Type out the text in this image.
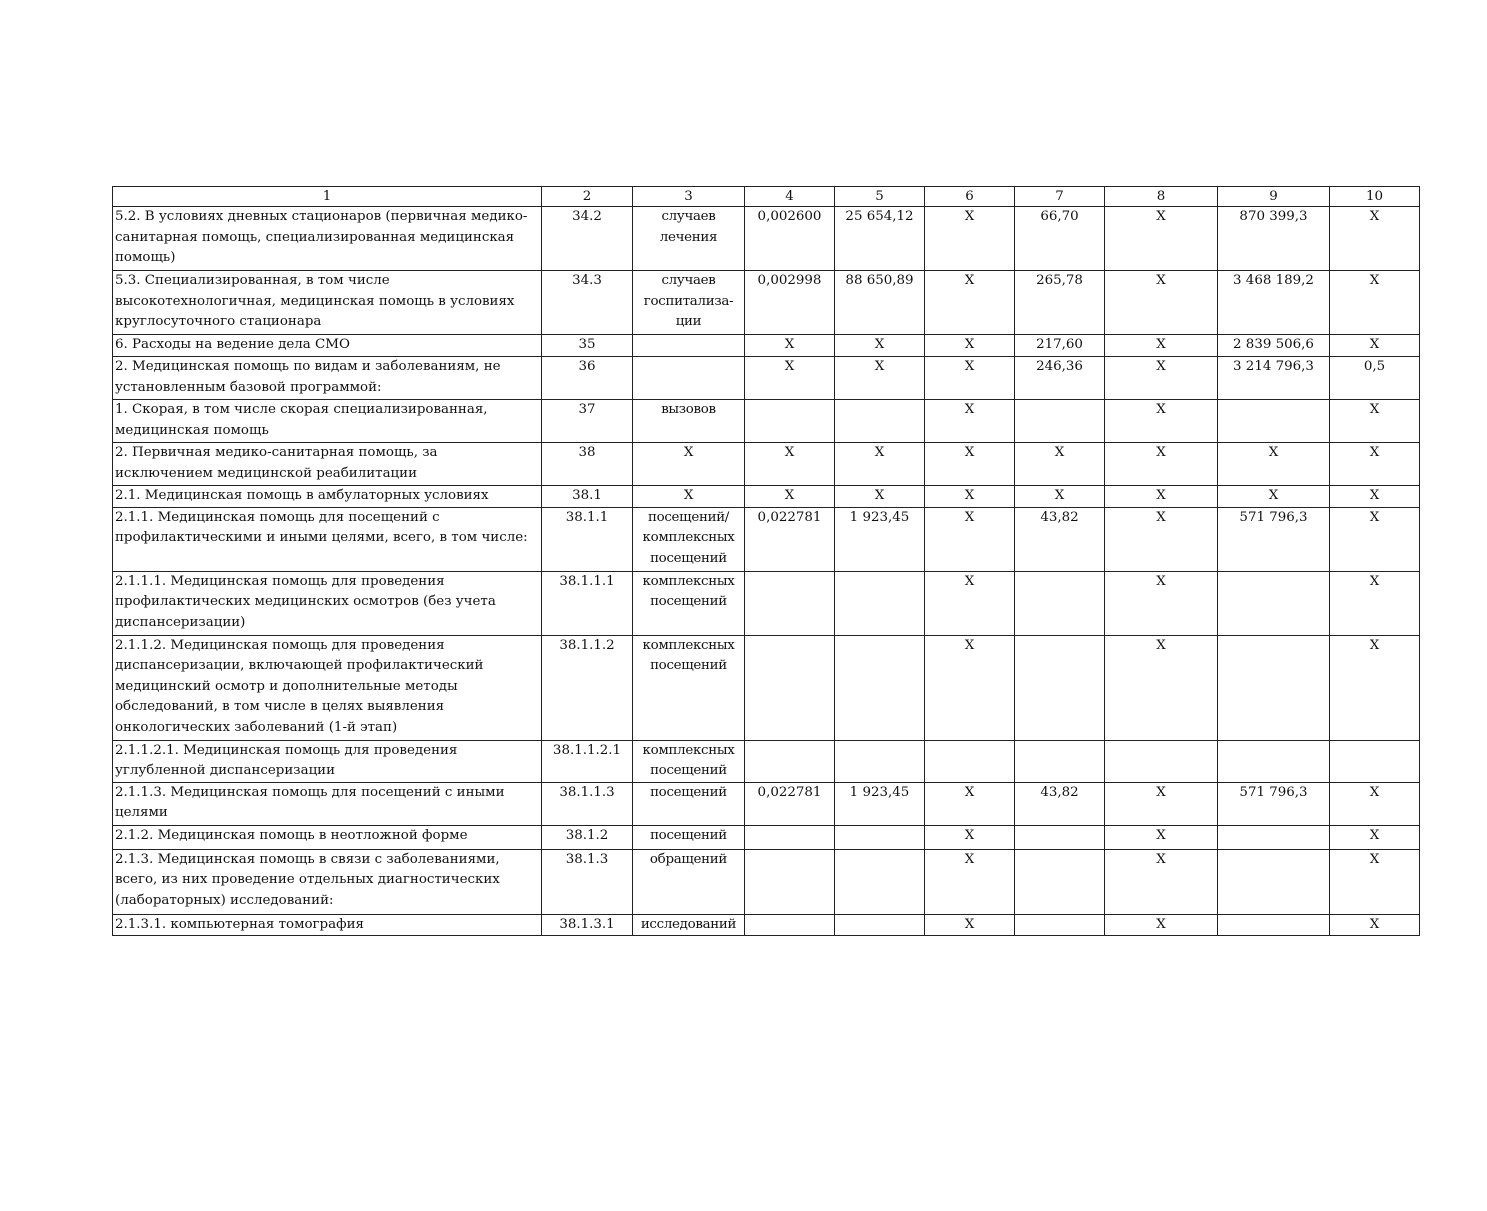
1	2	3	4	5	6	7	8	9	10
5.2. В условиях дневных стационаров (первичная медико-санитарная помощь, специализированная медицинская помощь)	34.2	случаев лечения	0,002600	25 654,12	X	66,70	X	870 399,3	X
5.3. Специализированная, в том числе высокотехнологичная, медицинская помощь в условиях круглосуточного стационара	34.3	случаев госпитализа-ции	0,002998	88 650,89	X	265,78	X	3 468 189,2	X
6. Расходы на ведение дела СМО	35		X	X	X	217,60	X	2 839 506,6	X
2. Медицинская помощь по видам и заболеваниям, не установленным базовой программой:	36		X	X	X	246,36	X	3 214 796,3	0,5
1. Скорая, в том числе скорая специализированная, медицинская помощь	37	вызовов			X		X		X
2. Первичная медико-санитарная помощь, за исключением медицинской реабилитации	38	X	X	X	X	X	X	X	X
2.1. Медицинская помощь в амбулаторных условиях	38.1	X	X	X	X	X	X	X	X
2.1.1. Медицинская помощь для посещений с профилактическими и иными целями, всего, в том числе:	38.1.1	посещений/ комплексных посещений	0,022781	1 923,45	X	43,82	X	571 796,3	X
2.1.1.1. Медицинская помощь для проведения профилактических медицинских осмотров (без учета диспансеризации)	38.1.1.1	комплексных посещений			X		X		X
2.1.1.2. Медицинская помощь для проведения диспансеризации, включающей профилактический медицинский осмотр и дополнительные методы обследований, в том числе в целях выявления онкологических заболеваний (1-й этап)	38.1.1.2	комплексных посещений			X		X		X
2.1.1.2.1. Медицинская помощь для проведения углубленной диспансеризации	38.1.1.2.1	комплексных посещений							
2.1.1.3. Медицинская помощь для посещений с иными целями	38.1.1.3	посещений	0,022781	1 923,45	X	43,82	X	571 796,3	X
2.1.2. Медицинская помощь в неотложной форме	38.1.2	посещений			X		X		X
2.1.3. Медицинская помощь в связи с заболеваниями, всего, из них проведение отдельных диагностических (лабораторных) исследований:	38.1.3	обращений			X		X		X
2.1.3.1. компьютерная томография	38.1.3.1	исследований			X		X		X
